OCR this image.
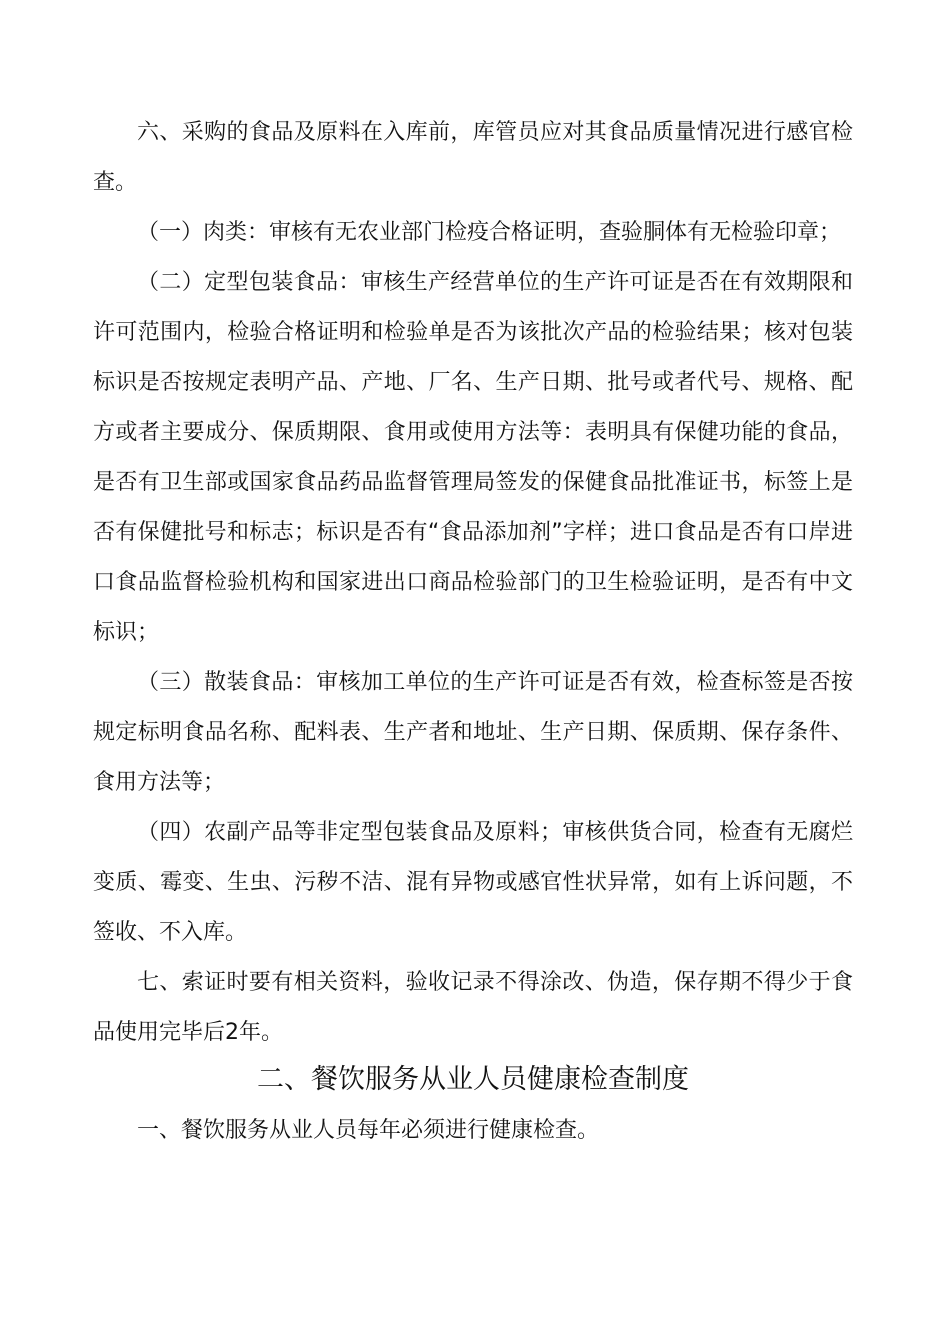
六、采购的食品及原料在入库前，库管员应对其食品质量情况进行感官检查。

（一）肉类：审核有无农业部门检疫合格证明，查验胴体有无检验印章；

（二）定型包装食品：审核生产经营单位的生产许可证是否在有效期限和许可范围内，检验合格证明和检验单是否为该批次产品的检验结果；核对包装标识是否按规定表明产品、产地、厂名、生产日期、批号或者代号、规格、配方或者主要成分、保质期限、食用或使用方法等：表明具有保健功能的食品，是否有卫生部或国家食品药品监督管理局签发的保健食品批准证书，标签上是否有保健批号和标志；标识是否有“食品添加剂”字样；进口食品是否有口岸进口食品监督检验机构和国家进出口商品检验部门的卫生检验证明，是否有中文标识；

（三）散装食品：审核加工单位的生产许可证是否有效，检查标签是否按规定标明食品名称、配料表、生产者和地址、生产日期、保质期、保存条件、食用方法等；

（四）农副产品等非定型包装食品及原料；审核供货合同，检查有无腐烂变质、霉变、生虫、污秽不洁、混有异物或感官性状异常，如有上诉问题，不签收、不入库。

七、索证时要有相关资料，验收记录不得涂改、伪造，保存期不得少于食品使用完毕后2年。

二、餐饮服务从业人员健康检查制度

一、餐饮服务从业人员每年必须进行健康检查。
